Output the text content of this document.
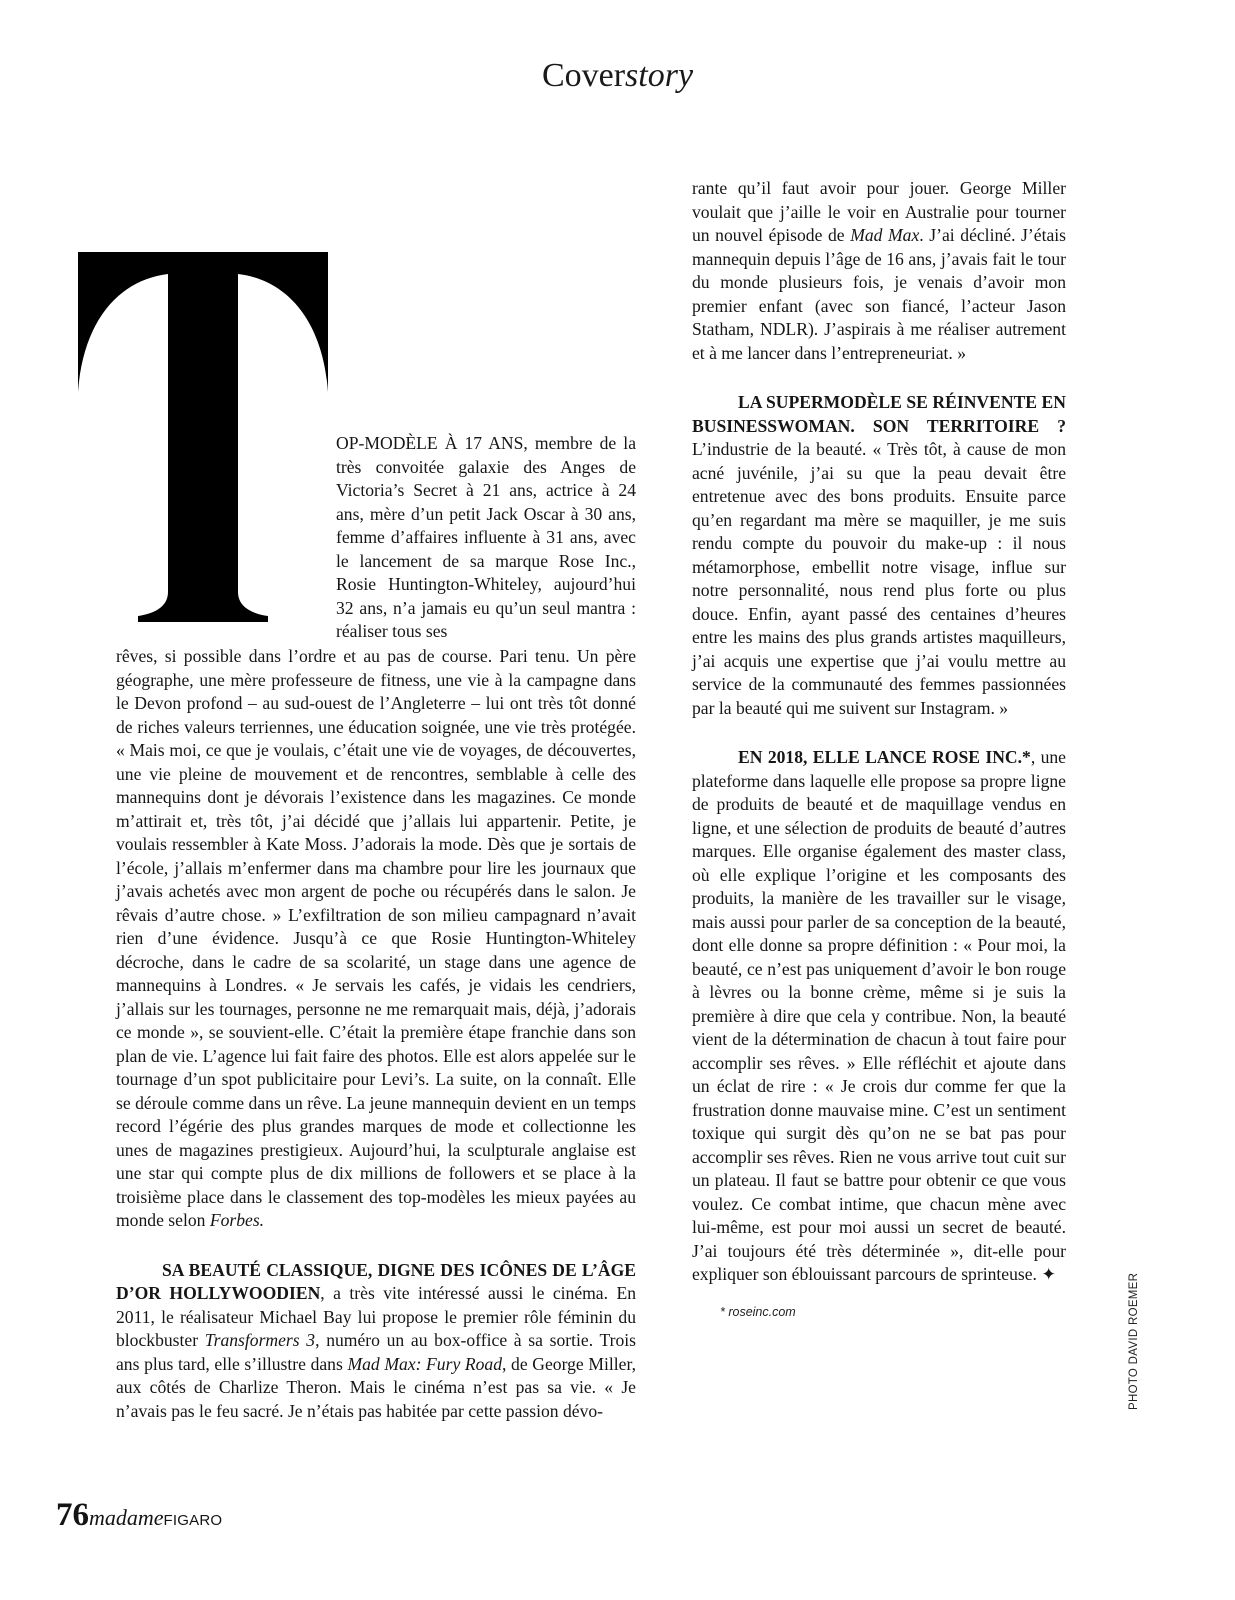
Coverstory

OP-MODÈLE À 17 ANS, membre de la très convoitée galaxie des Anges de Victoria’s Secret à 21 ans, actrice à 24 ans, mère d’un petit Jack Oscar à 30 ans, femme d’affaires influente à 31 ans, avec le lancement de sa marque Rose Inc., Rosie Huntington-Whiteley, aujourd’hui 32 ans, n’a jamais eu qu’un seul mantra : réaliser tous ses

rêves, si possible dans l’ordre et au pas de course. Pari tenu. Un père géographe, une mère professeure de fitness, une vie à la campagne dans le Devon profond – au sud-ouest de l’Angleterre – lui ont très tôt donné de riches valeurs terriennes, une éducation soignée, une vie très protégée. « Mais moi, ce que je voulais, c’était une vie de voyages, de découvertes, une vie pleine de mouvement et de rencontres, semblable à celle des mannequins dont je dévorais l’existence dans les magazines. Ce monde m’attirait et, très tôt, j’ai décidé que j’allais lui appartenir. Petite, je voulais ressembler à Kate Moss. J’adorais la mode. Dès que je sortais de l’école, j’allais m’enfermer dans ma chambre pour lire les journaux que j’avais achetés avec mon argent de poche ou récupérés dans le salon. Je rêvais d’autre chose. » L’exfiltration de son milieu campagnard n’avait rien d’une évidence. Jusqu’à ce que Rosie Huntington-Whiteley décroche, dans le cadre de sa scolarité, un stage dans une agence de mannequins à Londres. « Je servais les cafés, je vidais les cendriers, j’allais sur les tournages, personne ne me remarquait mais, déjà, j’adorais ce monde », se souvient-elle. C’était la première étape franchie dans son plan de vie. L’agence lui fait faire des photos. Elle est alors appelée sur le tournage d’un spot publicitaire pour Levi’s. La suite, on la connaît. Elle se déroule comme dans un rêve. La jeune mannequin devient en un temps record l’égérie des plus grandes marques de mode et collectionne les unes de magazines prestigieux. Aujourd’hui, la sculpturale anglaise est une star qui compte plus de dix millions de followers et se place à la troisième place dans le classement des top-modèles les mieux payées au monde selon Forbes.

SA BEAUTÉ CLASSIQUE, DIGNE DES ICÔNES DE L’ÂGE D’OR HOLLYWOODIEN, a très vite intéressé aussi le cinéma. En 2011, le réalisateur Michael Bay lui propose le premier rôle féminin du blockbuster Transformers 3, numéro un au box-office à sa sortie. Trois ans plus tard, elle s’illustre dans Mad Max: Fury Road, de George Miller, aux côtés de Charlize Theron. Mais le cinéma n’est pas sa vie. « Je n’avais pas le feu sacré. Je n’étais pas habitée par cette passion dévo-

rante qu’il faut avoir pour jouer. George Miller voulait que j’aille le voir en Australie pour tourner un nouvel épisode de Mad Max. J’ai décliné. J’étais mannequin depuis l’âge de 16 ans, j’avais fait le tour du monde plusieurs fois, je venais d’avoir mon premier enfant (avec son fiancé, l’acteur Jason Statham, NDLR). J’aspirais à me réaliser autrement et à me lancer dans l’entrepreneuriat. »

LA SUPERMODÈLE SE RÉINVENTE EN BUSINESSWOMAN. SON TERRITOIRE ? L’industrie de la beauté. « Très tôt, à cause de mon acné juvénile, j’ai su que la peau devait être entretenue avec des bons produits. Ensuite parce qu’en regardant ma mère se maquiller, je me suis rendu compte du pouvoir du make-up : il nous métamorphose, embellit notre visage, influe sur notre personnalité, nous rend plus forte ou plus douce. Enfin, ayant passé des centaines d’heures entre les mains des plus grands artistes maquilleurs, j’ai acquis une expertise que j’ai voulu mettre au service de la communauté des femmes passionnées par la beauté qui me suivent sur Instagram. »

EN 2018, ELLE LANCE ROSE INC.*, une plateforme dans laquelle elle propose sa propre ligne de produits de beauté et de maquillage vendus en ligne, et une sélection de produits de beauté d’autres marques. Elle organise également des master class, où elle explique l’origine et les composants des produits, la manière de les travailler sur le visage, mais aussi pour parler de sa conception de la beauté, dont elle donne sa propre définition : « Pour moi, la beauté, ce n’est pas uniquement d’avoir le bon rouge à lèvres ou la bonne crème, même si je suis la première à dire que cela y contribue. Non, la beauté vient de la détermination de chacun à tout faire pour accomplir ses rêves. » Elle réfléchit et ajoute dans un éclat de rire : « Je crois dur comme fer que la frustration donne mauvaise mine. C’est un sentiment toxique qui surgit dès qu’on ne se bat pas pour accomplir ses rêves. Rien ne vous arrive tout cuit sur un plateau. Il faut se battre pour obtenir ce que vous voulez. Ce combat intime, que chacun mène avec lui-même, est pour moi aussi un secret de beauté. J’ai toujours été très déterminée », dit-elle pour expliquer son éblouissant parcours de sprinteuse. ✦

* roseinc.com	PHOTO DAVID ROEMER
76madameFIGARO
